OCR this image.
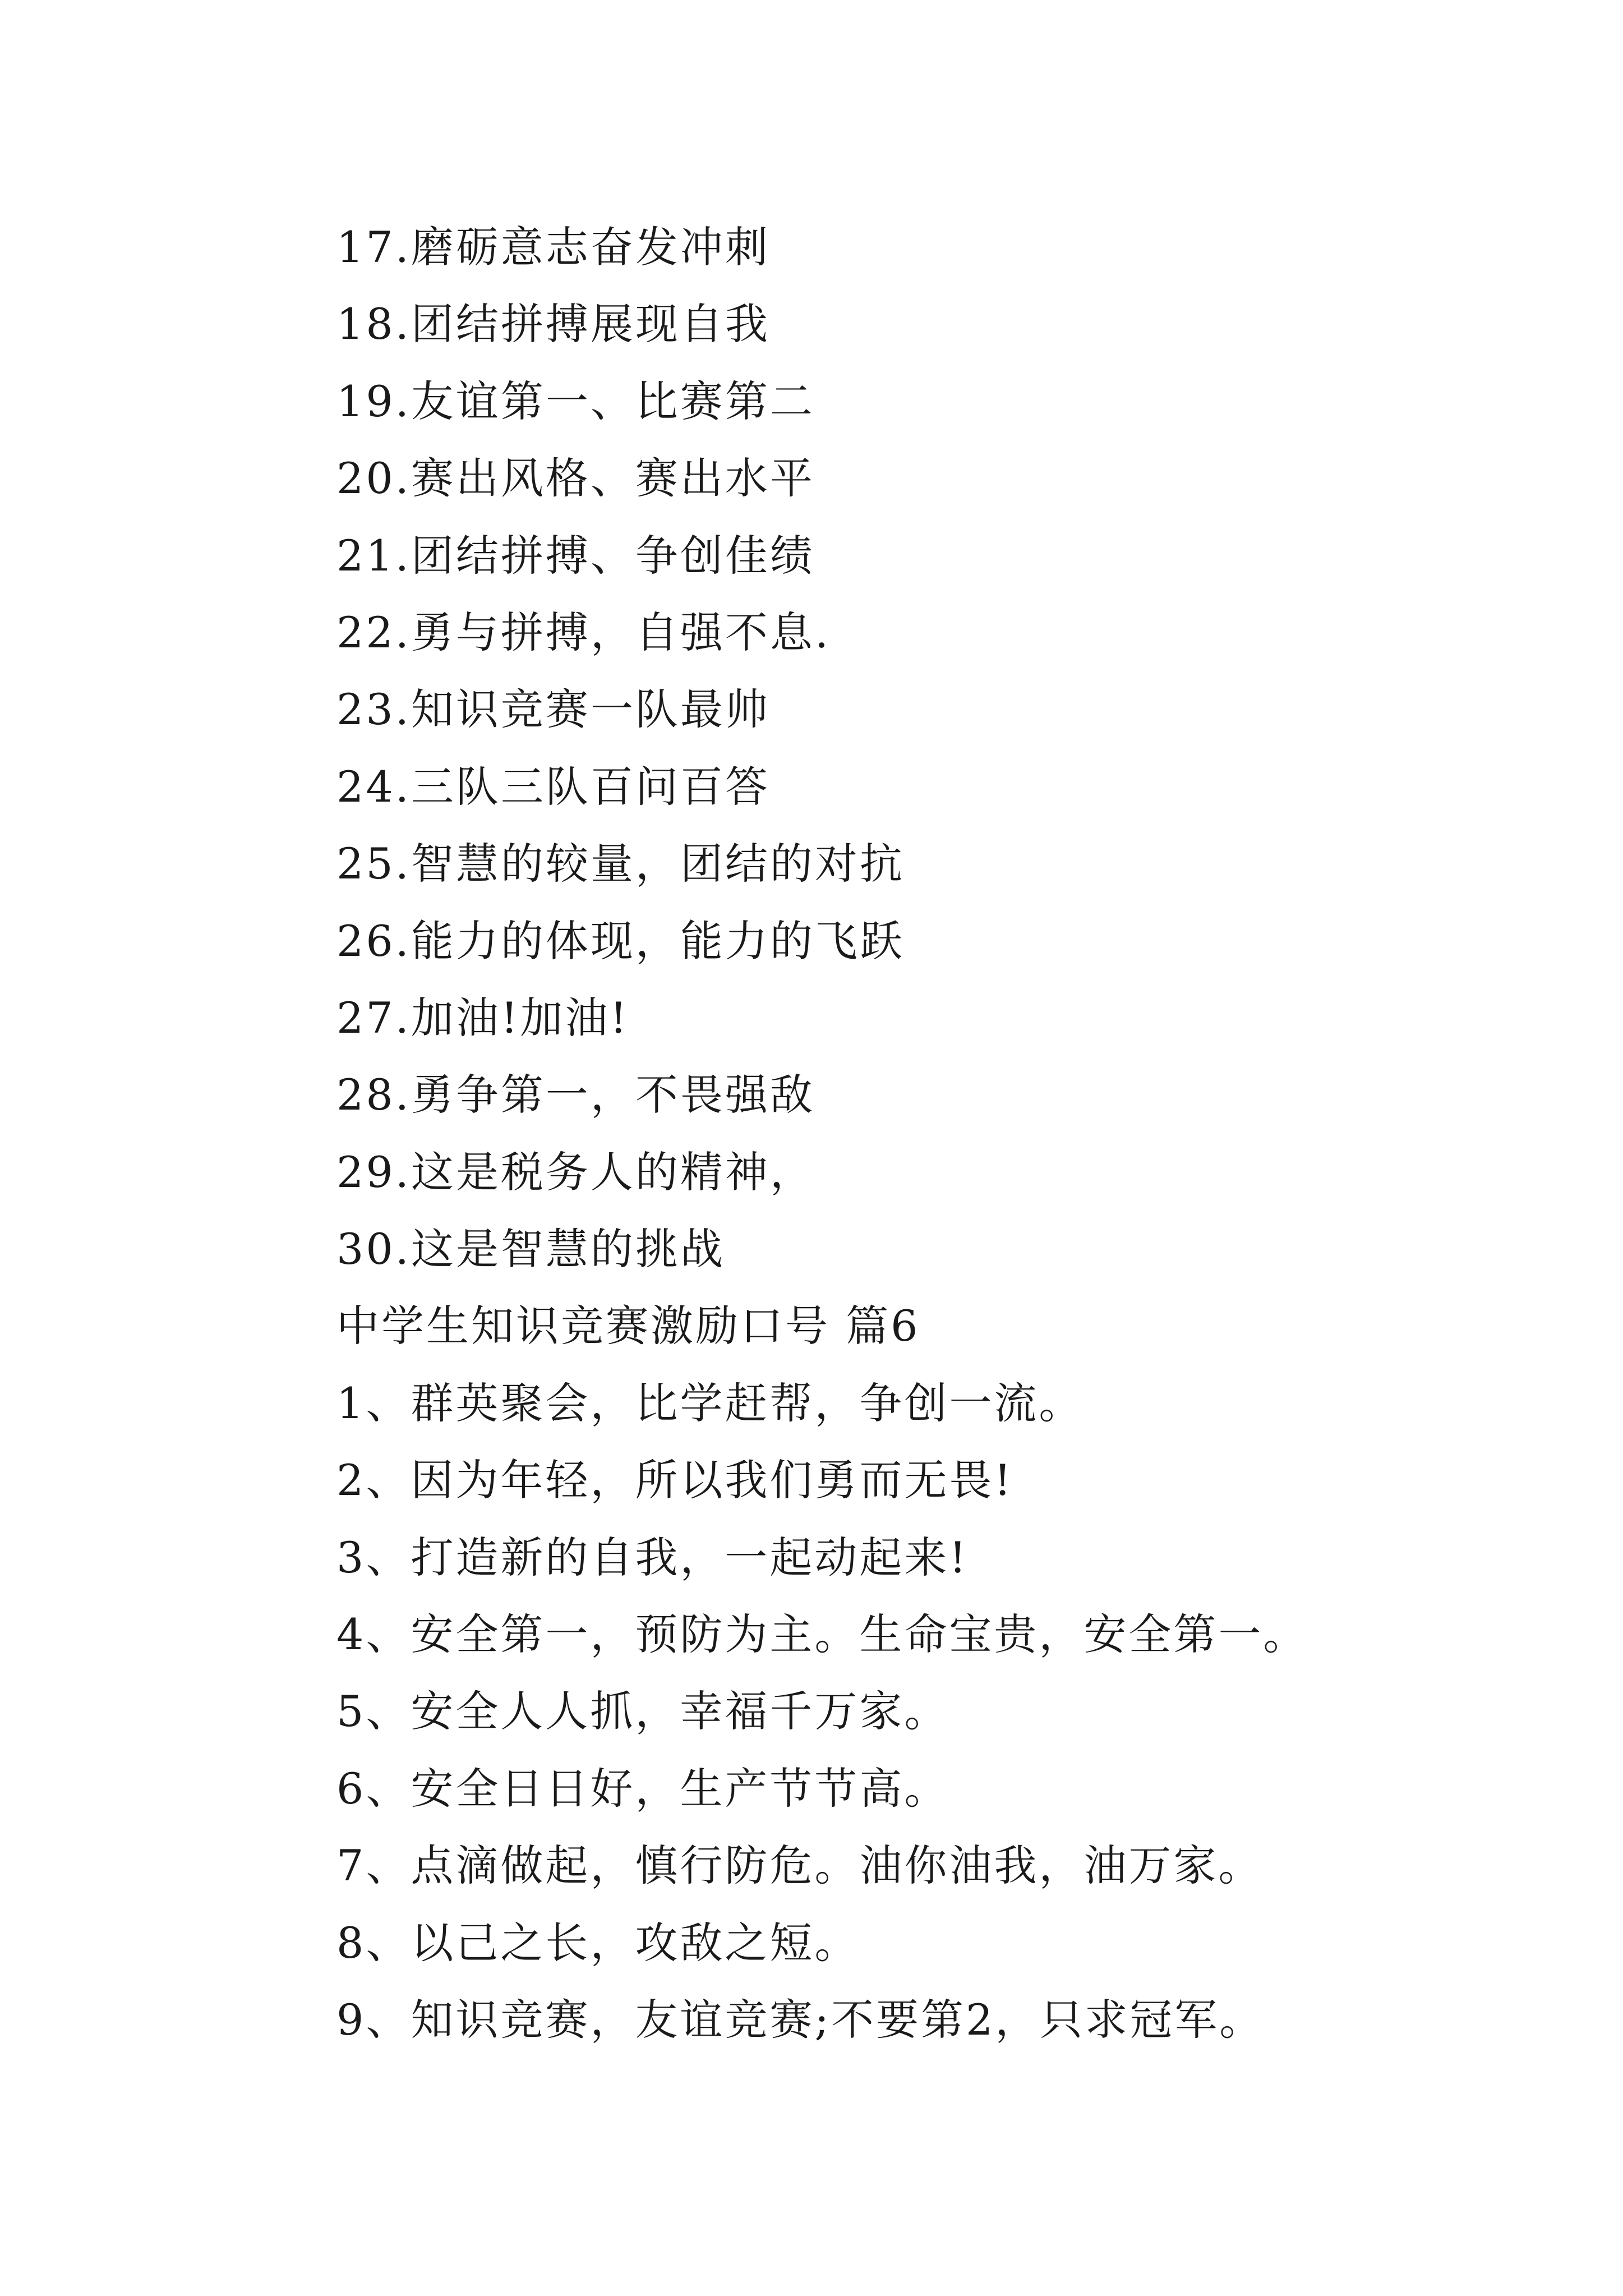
17.磨砺意志奋发冲刺
18.团结拼搏展现自我
19.友谊第一、比赛第二
20.赛出风格、赛出水平
21.团结拼搏、争创佳绩
22.勇与拼搏，自强不息.
23.知识竞赛一队最帅
24.三队三队百问百答
25.智慧的较量，团结的对抗
26.能力的体现，能力的飞跃
27.加油!加油!
28.勇争第一，不畏强敌
29.这是税务人的精神，
30.这是智慧的挑战
中学生知识竞赛激励口号 篇6
1、群英聚会，比学赶帮，争创一流。
2、因为年轻，所以我们勇而无畏!
3、打造新的自我，一起动起来!
4、安全第一，预防为主。生命宝贵，安全第一。
5、安全人人抓，幸福千万家。
6、安全日日好，生产节节高。
7、点滴做起，慎行防危。油你油我，油万家。
8、以己之长，攻敌之短。
9、知识竞赛，友谊竞赛;不要第2，只求冠军。
